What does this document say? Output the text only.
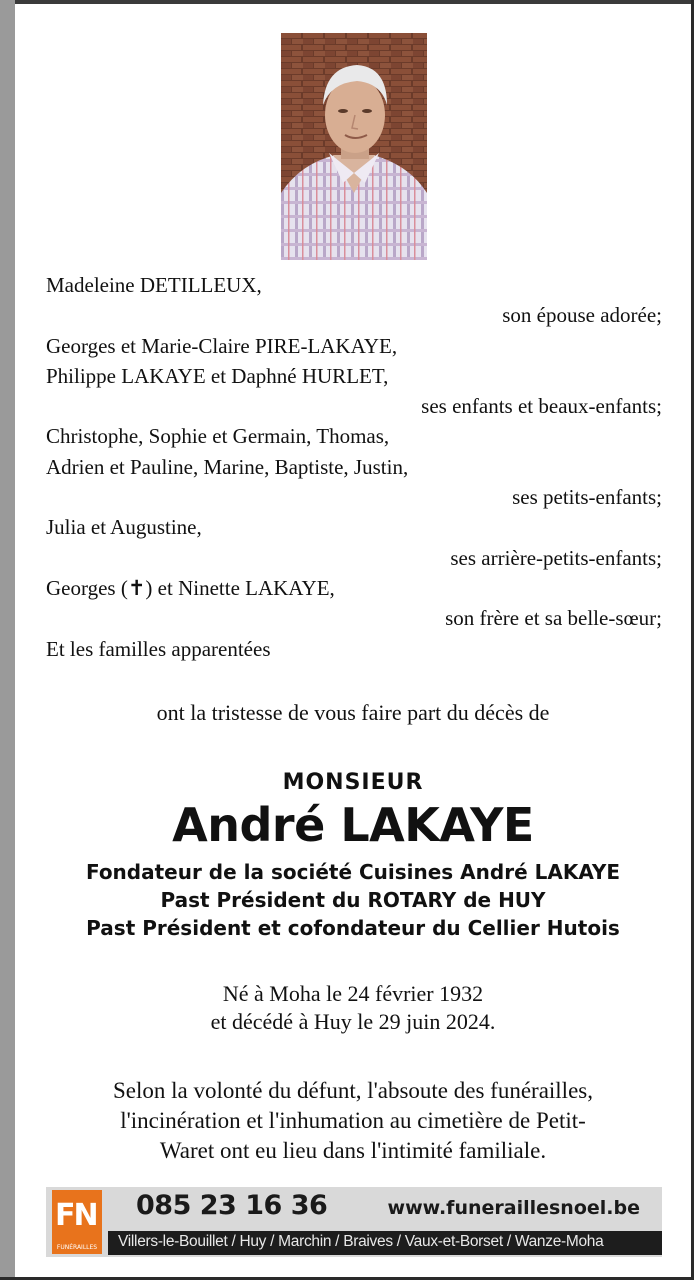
Madeleine DETILLEUX,
son épouse adorée;
Georges et Marie-Claire PIRE-LAKAYE,
Philippe LAKAYE et Daphné HURLET,
ses enfants et beaux-enfants;
Christophe, Sophie et Germain, Thomas,
Adrien et Pauline, Marine, Baptiste, Justin,
ses petits-enfants;
Julia et Augustine,
ses arrière-petits-enfants;
Georges (✝) et Ninette LAKAYE,
son frère et sa belle-sœur;
Et les familles apparentées
ont la tristesse de vous faire part du décès de
MONSIEUR
André LAKAYE
Fondateur de la société Cuisines André LAKAYE
Past Président du ROTARY de HUY
Past Président et cofondateur du Cellier Hutois
Né à Moha le 24 février 1932
et décédé à Huy le 29 juin 2024.
Selon la volonté du défunt, l'absoute des funérailles,
l'incinération et l'inhumation au cimetière de Petit-
Waret ont eu lieu dans l'intimité familiale.
FN
FUNÉRAILLES
085 23 16 36	www.funeraillesnoel.be
Villers-le-Bouillet / Huy / Marchin / Braives / Vaux-et-Borset / Wanze-Moha
